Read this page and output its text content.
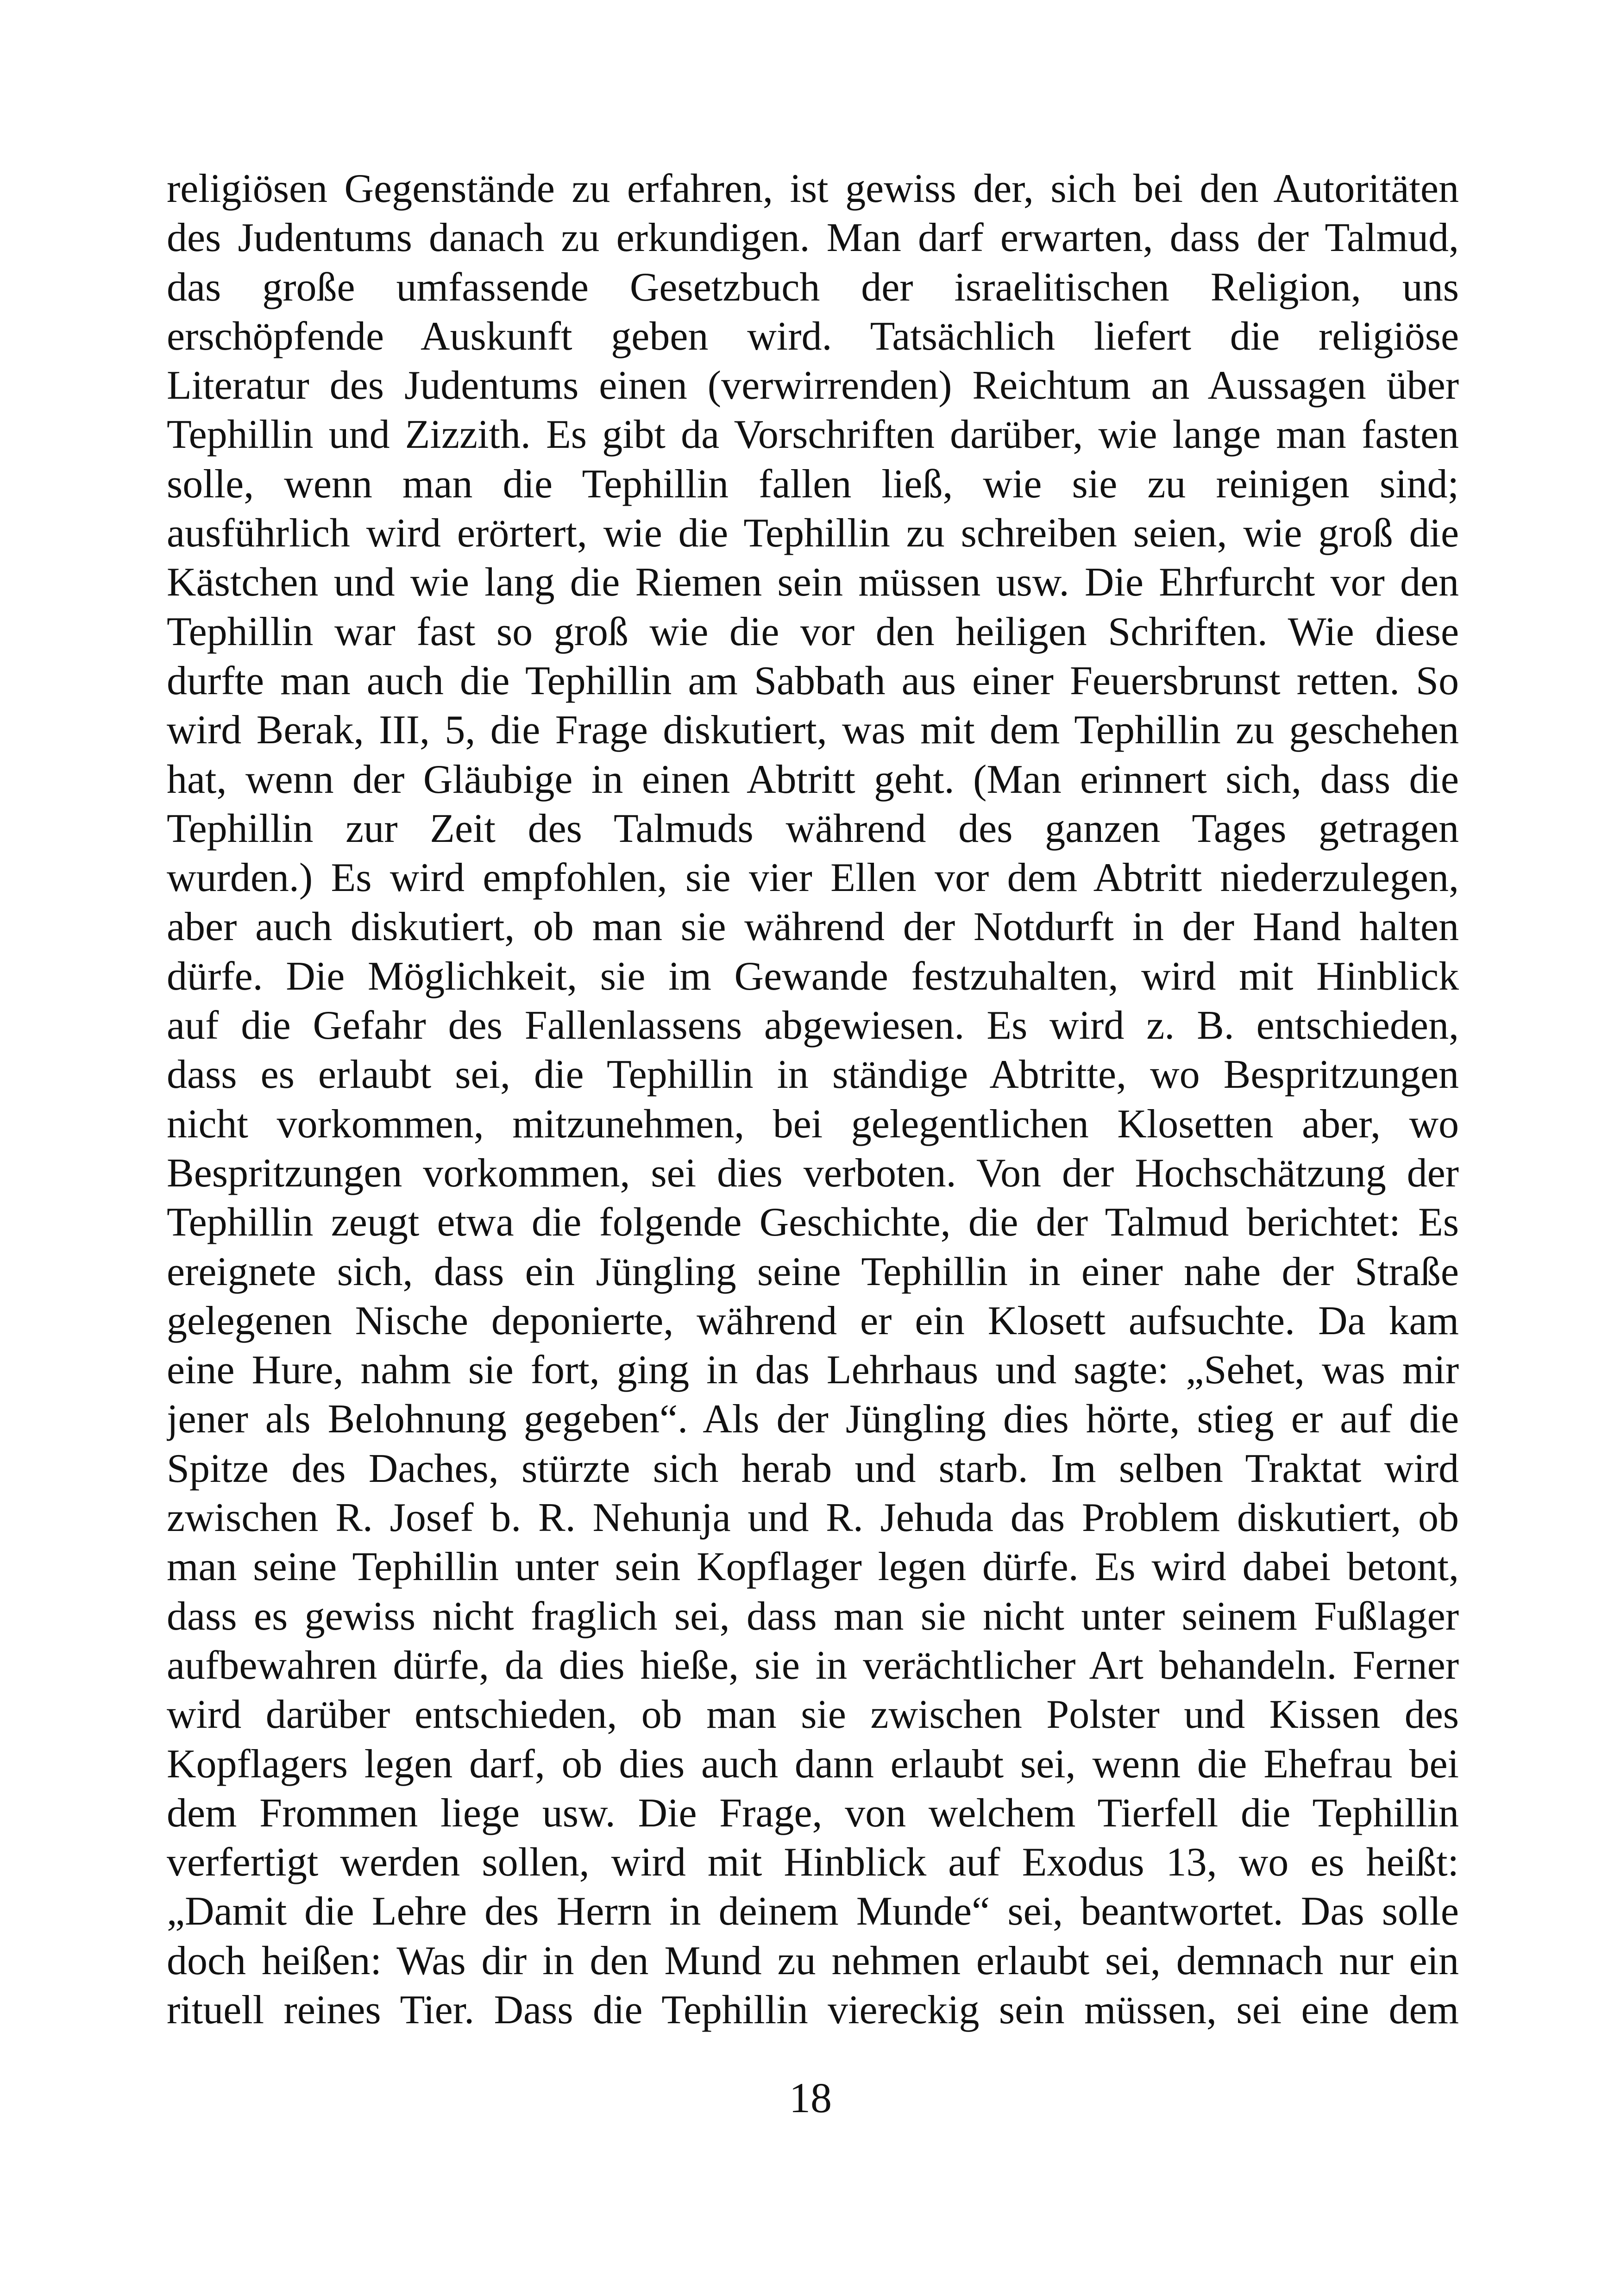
religiösen Gegenstände zu erfahren, ist gewiss der, sich bei den Autoritäten
des Judentums danach zu erkundigen. Man darf erwarten, dass der Talmud,
das große umfassende Gesetzbuch der israelitischen Religion, uns
erschöpfende Auskunft geben wird. Tatsächlich liefert die religiöse
Literatur des Judentums einen (verwirrenden) Reichtum an Aussagen über
Tephillin und Zizzith. Es gibt da Vorschriften darüber, wie lange man fasten
solle, wenn man die Tephillin fallen ließ, wie sie zu reinigen sind;
ausführlich wird erörtert, wie die Tephillin zu schreiben seien, wie groß die
Kästchen und wie lang die Riemen sein müssen usw. Die Ehrfurcht vor den
Tephillin war fast so groß wie die vor den heiligen Schriften. Wie diese
durfte man auch die Tephillin am Sabbath aus einer Feuersbrunst retten. So
wird Berak, III, 5, die Frage diskutiert, was mit dem Tephillin zu geschehen
hat, wenn der Gläubige in einen Abtritt geht. (Man erinnert sich, dass die
Tephillin zur Zeit des Talmuds während des ganzen Tages getragen
wurden.) Es wird empfohlen, sie vier Ellen vor dem Abtritt niederzulegen,
aber auch diskutiert, ob man sie während der Notdurft in der Hand halten
dürfe. Die Möglichkeit, sie im Gewande festzuhalten, wird mit Hinblick
auf die Gefahr des Fallenlassens abgewiesen. Es wird z. B. entschieden,
dass es erlaubt sei, die Tephillin in ständige Abtritte, wo Bespritzungen
nicht vorkommen, mitzunehmen, bei gelegentlichen Klosetten aber, wo
Bespritzungen vorkommen, sei dies verboten. Von der Hochschätzung der
Tephillin zeugt etwa die folgende Geschichte, die der Talmud berichtet: Es
ereignete sich, dass ein Jüngling seine Tephillin in einer nahe der Straße
gelegenen Nische deponierte, während er ein Klosett aufsuchte. Da kam
eine Hure, nahm sie fort, ging in das Lehrhaus und sagte: „Sehet, was mir
jener als Belohnung gegeben“. Als der Jüngling dies hörte, stieg er auf die
Spitze des Daches, stürzte sich herab und starb. Im selben Traktat wird
zwischen R. Josef b. R. Nehunja und R. Jehuda das Problem diskutiert, ob
man seine Tephillin unter sein Kopflager legen dürfe. Es wird dabei betont,
dass es gewiss nicht fraglich sei, dass man sie nicht unter seinem Fußlager
aufbewahren dürfe, da dies hieße, sie in verächtlicher Art behandeln. Ferner
wird darüber entschieden, ob man sie zwischen Polster und Kissen des
Kopflagers legen darf, ob dies auch dann erlaubt sei, wenn die Ehefrau bei
dem Frommen liege usw. Die Frage, von welchem Tierfell die Tephillin
verfertigt werden sollen, wird mit Hinblick auf Exodus 13, wo es heißt:
„Damit die Lehre des Herrn in deinem Munde“ sei, beantwortet. Das solle
doch heißen: Was dir in den Mund zu nehmen erlaubt sei, demnach nur ein
rituell reines Tier. Dass die Tephillin viereckig sein müssen, sei eine dem
18
